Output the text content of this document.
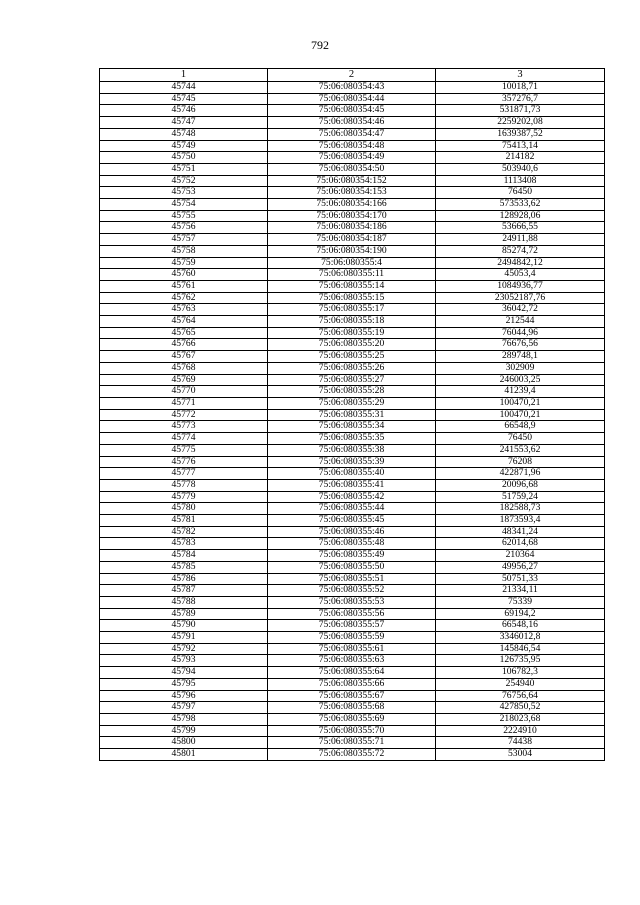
792
1	2	3
45744	75:06:080354:43	10018,71
45745	75:06:080354:44	357276,7
45746	75:06:080354:45	531871,73
45747	75:06:080354:46	2259202,08
45748	75:06:080354:47	1639387,52
45749	75:06:080354:48	75413,14
45750	75:06:080354:49	214182
45751	75:06:080354:50	503940,6
45752	75:06:080354:152	1113408
45753	75:06:080354:153	76450
45754	75:06:080354:166	573533,62
45755	75:06:080354:170	128928,06
45756	75:06:080354:186	53666,55
45757	75:06:080354:187	24911,88
45758	75:06:080354:190	85274,72
45759	75:06:080355:4	2494842,12
45760	75:06:080355:11	45053,4
45761	75:06:080355:14	1084936,77
45762	75:06:080355:15	23052187,76
45763	75:06:080355:17	36042,72
45764	75:06:080355:18	212544
45765	75:06:080355:19	76044,96
45766	75:06:080355:20	76676,56
45767	75:06:080355:25	289748,1
45768	75:06:080355:26	302909
45769	75:06:080355:27	246003,25
45770	75:06:080355:28	41239,4
45771	75:06:080355:29	100470,21
45772	75:06:080355:31	100470,21
45773	75:06:080355:34	66548,9
45774	75:06:080355:35	76450
45775	75:06:080355:38	241553,62
45776	75:06:080355:39	76208
45777	75:06:080355:40	422871,96
45778	75:06:080355:41	20096,68
45779	75:06:080355:42	51759,24
45780	75:06:080355:44	182588,73
45781	75:06:080355:45	1873593,4
45782	75:06:080355:46	48341,24
45783	75:06:080355:48	62014,68
45784	75:06:080355:49	210364
45785	75:06:080355:50	49956,27
45786	75:06:080355:51	50751,33
45787	75:06:080355:52	21334,11
45788	75:06:080355:53	75339
45789	75:06:080355:56	69194,2
45790	75:06:080355:57	66548,16
45791	75:06:080355:59	3346012,8
45792	75:06:080355:61	145846,54
45793	75:06:080355:63	126735,95
45794	75:06:080355:64	106782,3
45795	75:06:080355:66	254940
45796	75:06:080355:67	76756,64
45797	75:06:080355:68	427850,52
45798	75:06:080355:69	218023,68
45799	75:06:080355:70	2224910
45800	75:06:080355:71	74438
45801	75:06:080355:72	53004
